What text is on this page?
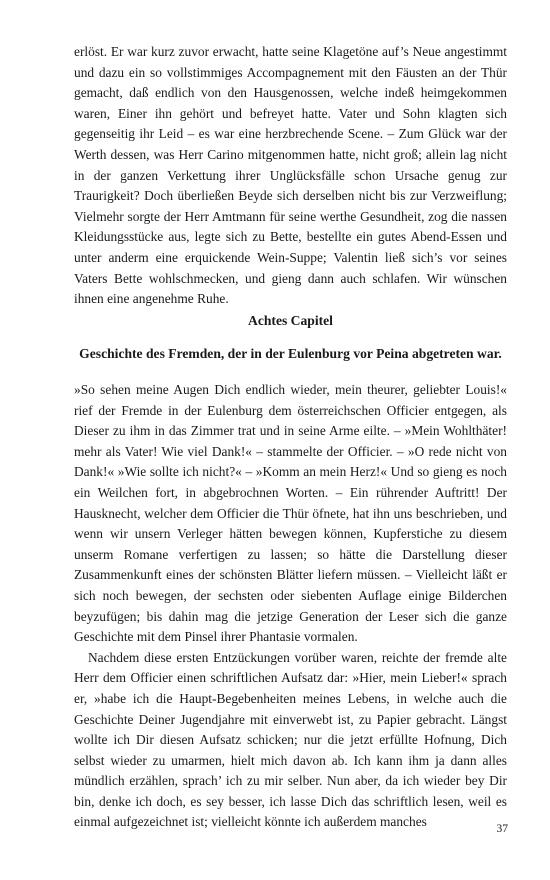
erlöst. Er war kurz zuvor erwacht, hatte seine Klagetöne auf’s Neue angestimmt und dazu ein so vollstimmiges Accompagnement mit den Fäusten an der Thür gemacht, daß endlich von den Hausgenossen, welche indeß heimgekommen waren, Einer ihn gehört und befreyet hatte. Vater und Sohn klagten sich gegenseitig ihr Leid – es war eine herzbrechende Scene. – Zum Glück war der Werth dessen, was Herr Carino mitgenommen hatte, nicht groß; allein lag nicht in der ganzen Verkettung ihrer Unglücksfälle schon Ursache genug zur Traurigkeit? Doch überließen Beyde sich derselben nicht bis zur Verzweiflung; Vielmehr sorgte der Herr Amtmann für seine werthe Gesundheit, zog die nassen Kleidungsstücke aus, legte sich zu Bette, bestellte ein gutes Abend-Essen und unter anderm eine erquickende Wein-Suppe; Valentin ließ sich’s vor seines Vaters Bette wohlschmecken, und gieng dann auch schlafen. Wir wünschen ihnen eine angenehme Ruhe.

Achtes Capitel
Geschichte des Fremden, der in der Eulenburg vor Peina abgetreten war.

»So sehen meine Augen Dich endlich wieder, mein theurer, geliebter Louis!« rief der Fremde in der Eulenburg dem österreichschen Officier entgegen, als Dieser zu ihm in das Zimmer trat und in seine Arme eilte. – »Mein Wohlthäter! mehr als Vater! Wie viel Dank!« – stammelte der Officier. – »O rede nicht von Dank!« »Wie sollte ich nicht?« – »Komm an mein Herz!« Und so gieng es noch ein Weilchen fort, in abgebrochnen Worten. – Ein rührender Auftritt! Der Hausknecht, welcher dem Officier die Thür öfnete, hat ihn uns beschrieben, und wenn wir unsern Verleger hätten bewegen können, Kupferstiche zu diesem unserm Romane verfertigen zu lassen; so hätte die Darstellung dieser Zusammenkunft eines der schönsten Blätter liefern müssen. – Vielleicht läßt er sich noch bewegen, der sechsten oder siebenten Auflage einige Bilderchen beyzufügen; bis dahin mag die jetzige Generation der Leser sich die ganze Geschichte mit dem Pinsel ihrer Phantasie vormalen.

Nachdem diese ersten Entzückungen vorüber waren, reichte der fremde alte Herr dem Officier einen schriftlichen Aufsatz dar: »Hier, mein Lieber!« sprach er, »habe ich die Haupt-Begebenheiten meines Lebens, in welche auch die Geschichte Deiner Jugendjahre mit einverwebt ist, zu Papier gebracht. Längst wollte ich Dir diesen Aufsatz schicken; nur die jetzt erfüllte Hofnung, Dich selbst wieder zu umarmen, hielt mich davon ab. Ich kann ihm ja dann alles mündlich erzählen, sprach’ ich zu mir selber. Nun aber, da ich wieder bey Dir bin, denke ich doch, es sey besser, ich lasse Dich das schriftlich lesen, weil es einmal aufgezeichnet ist; vielleicht könnte ich außerdem manches	37
